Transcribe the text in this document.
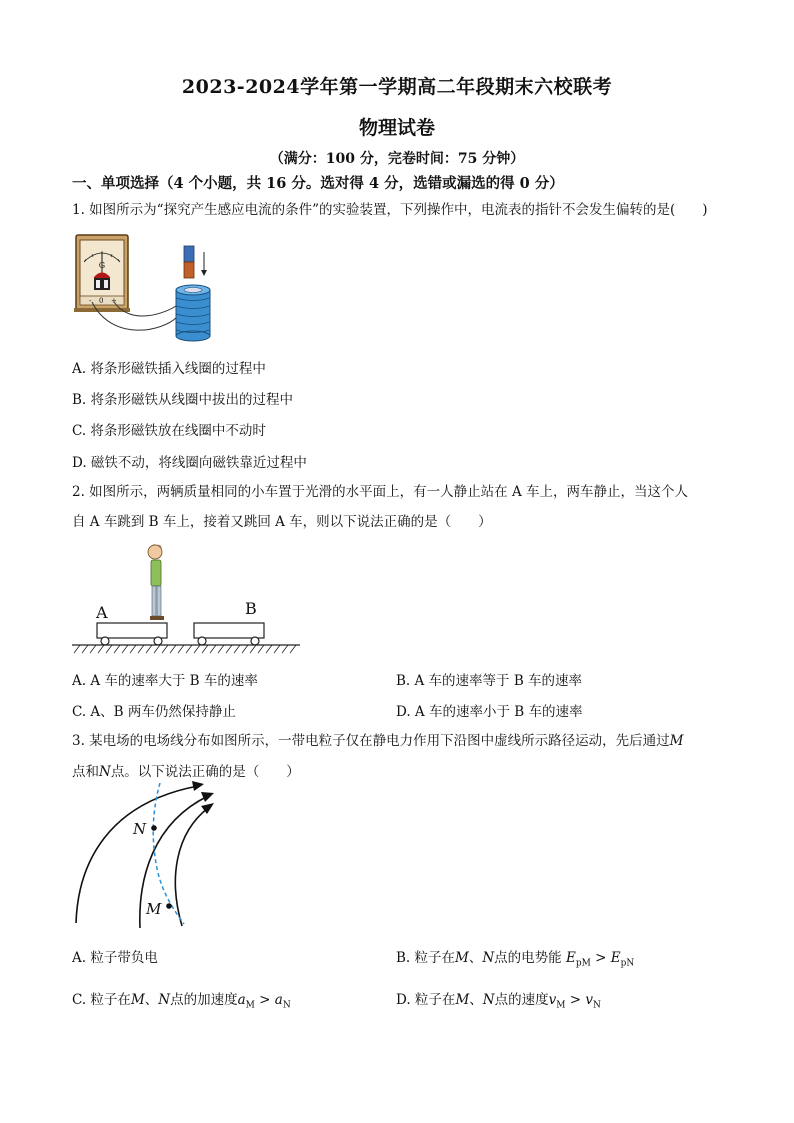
2023-2024学年第一学期高二年段期末六校联考
物理试卷
（满分：100 分，完卷时间：75 分钟）
一、单项选择（4 个小题，共 16 分。选对得 4 分，选错或漏选的得 0 分）
1. 如图所示为“探究产生感应电流的条件”的实验装置，下列操作中，电流表的指针不会发生偏转的是(　　)
G
- 0 +
A. 将条形磁铁插入线圈的过程中
B. 将条形磁铁从线圈中拔出的过程中
C. 将条形磁铁放在线圈中不动时
D. 磁铁不动，将线圈向磁铁靠近过程中
2. 如图所示，两辆质量相同的小车置于光滑的水平面上，有一人静止站在 A 车上，两车静止，当这个人
自 A 车跳到 B 车上，接着又跳回 A 车，则以下说法正确的是（　　）
A	B
A. A 车的速率大于 B 车的速率	B. A 车的速率等于 B 车的速率
C. A、B 两车仍然保持静止	D. A 车的速率小于 B 车的速率
3. 某电场的电场线分布如图所示，一带电粒子仅在静电力作用下沿图中虚线所示路径运动，先后通过M
点和N点。以下说法正确的是（　　）
N
M
A. 粒子带负电	B. 粒子在M、N点的电势能 $E_{pM} > E_{pN}$
C. 粒子在M、N点的加速度$a_M > a_N$	D. 粒子在M、N点的速度$v_M > v_N$
